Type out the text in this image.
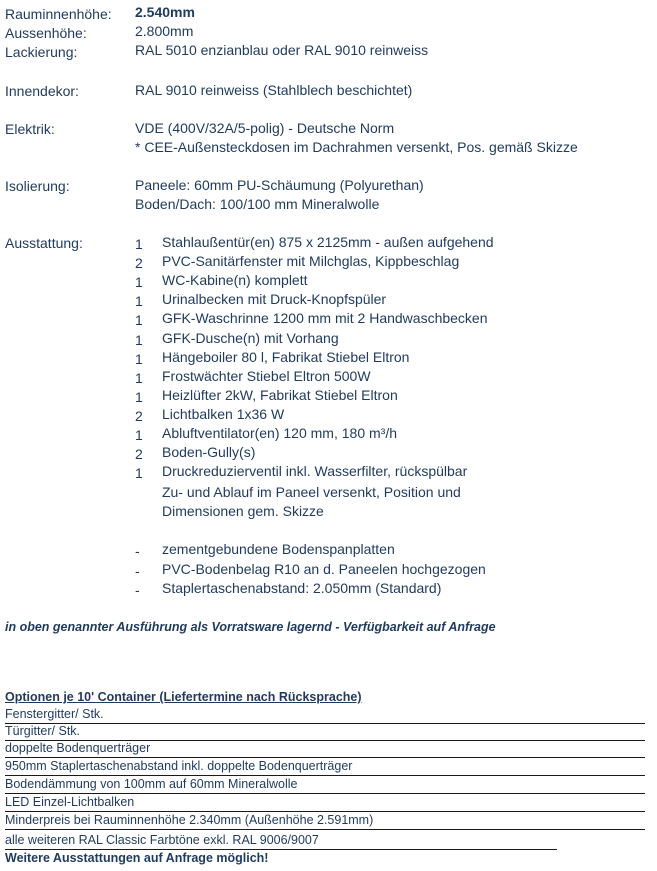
Rauminnenhöhe: 2.540mm
Aussenhöhe:	2.800mm
Lackierung:	RAL 5010 enzianblau oder RAL 9010 reinweiss
Innendekor:	RAL 9010 reinweiss (Stahlblech beschichtet)
Elektrik:	VDE (400V/32A/5-polig) - Deutsche Norm
* CEE-Außensteckdosen im Dachrahmen versenkt, Pos. gemäß Skizze
Isolierung:	Paneele: 60mm PU-Schäumung (Polyurethan)
Boden/Dach: 100/100 mm Mineralwolle
Ausstattung:	1 Stahlaußentür(en) 875 x 2125mm - außen aufgehend
2 PVC-Sanitärfenster mit Milchglas, Kippbeschlag
1 WC-Kabine(n) komplett
1 Urinalbecken mit Druck-Knopfspüler
1 GFK-Waschrinne 1200 mm mit 2 Handwaschbecken
1 GFK-Dusche(n) mit Vorhang
1 Hängeboiler 80 l, Fabrikat Stiebel Eltron
1 Frostwächter Stiebel Eltron 500W
1 Heizlüfter 2kW, Fabrikat Stiebel Eltron
2 Lichtbalken 1x36 W
1 Abluftventilator(en) 120 mm, 180 m³/h
2 Boden-Gully(s)
1 Druckreduzierventil inkl. Wasserfilter, rückspülbar
Zu- und Ablauf im Paneel versenkt, Position und
Dimensionen gem. Skizze
- zementgebundene Bodenspanplatten
- PVC-Bodenbelag R10 an d. Paneelen hochgezogen
- Staplertaschenabstand: 2.050mm (Standard)
in oben genannter Ausführung als Vorratsware lagernd - Verfügbarkeit auf Anfrage
Optionen je 10' Container (Liefertermine nach Rücksprache)
Fenstergitter/ Stk.
Türgitter/ Stk.
doppelte Bodenquerträger
950mm Staplertaschenabstand inkl. doppelte Bodenquerträger
Bodendämmung von 100mm auf 60mm Mineralwolle
LED Einzel-Lichtbalken
Minderpreis bei Rauminnenhöhe 2.340mm (Außenhöhe 2.591mm)
alle weiteren RAL Classic Farbtöne exkl. RAL 9006/9007
Weitere Ausstattungen auf Anfrage möglich!
